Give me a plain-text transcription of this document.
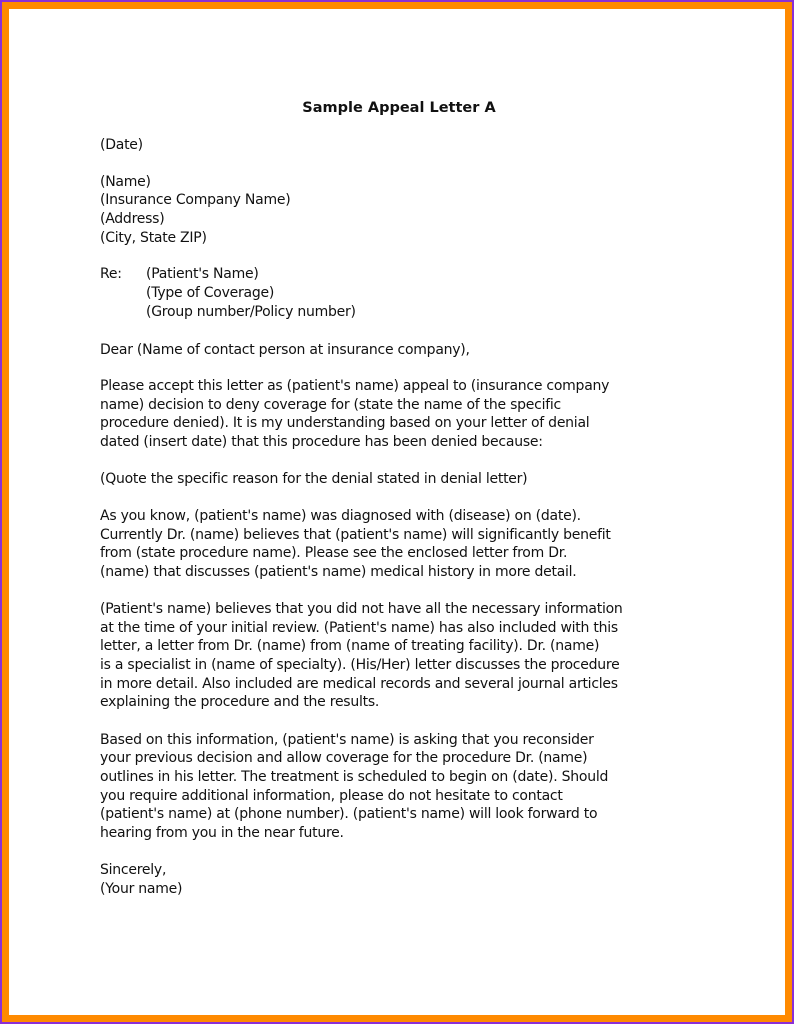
Sample Appeal Letter A
(Date)
(Name)
(Insurance Company Name)
(Address)
(City, State ZIP)
Re: (Patient's Name)
(Type of Coverage)
(Group number/Policy number)
Dear (Name of contact person at insurance company),
Please accept this letter as (patient's name) appeal to (insurance company
name) decision to deny coverage for (state the name of the specific
procedure denied). It is my understanding based on your letter of denial
dated (insert date) that this procedure has been denied because:
(Quote the specific reason for the denial stated in denial letter)
As you know, (patient's name) was diagnosed with (disease) on (date).
Currently Dr. (name) believes that (patient's name) will significantly benefit
from (state procedure name). Please see the enclosed letter from Dr.
(name) that discusses (patient's name) medical history in more detail.
(Patient's name) believes that you did not have all the necessary information
at the time of your initial review. (Patient's name) has also included with this
letter, a letter from Dr. (name) from (name of treating facility). Dr. (name)
is a specialist in (name of specialty). (His/Her) letter discusses the procedure
in more detail. Also included are medical records and several journal articles
explaining the procedure and the results.
Based on this information, (patient's name) is asking that you reconsider
your previous decision and allow coverage for the procedure Dr. (name)
outlines in his letter. The treatment is scheduled to begin on (date). Should
you require additional information, please do not hesitate to contact
(patient's name) at (phone number). (patient's name) will look forward to
hearing from you in the near future.
Sincerely,
(Your name)
